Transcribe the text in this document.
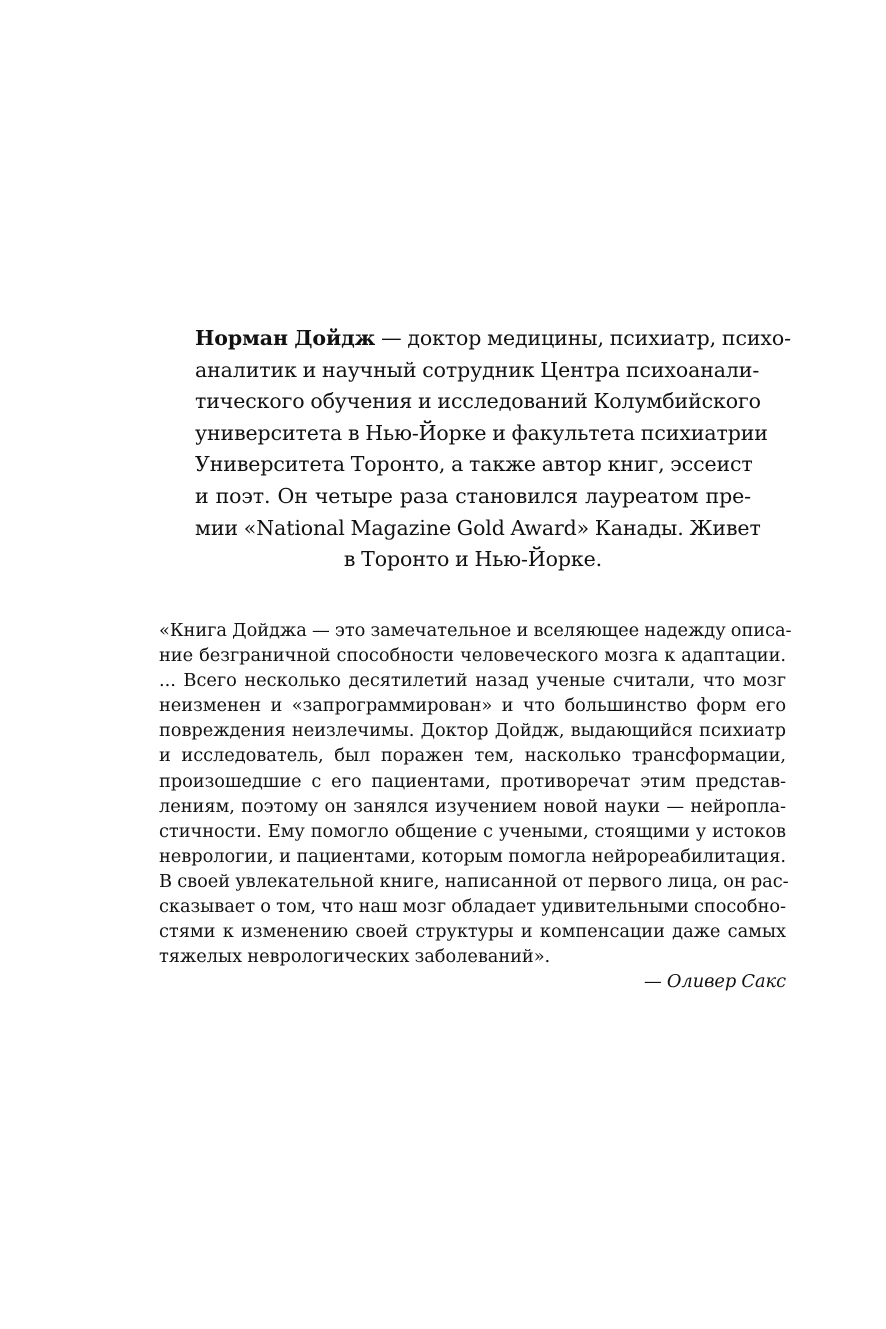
Норман Дойдж — доктор медицины, психиатр, психо-
аналитик и научный сотрудник Центра психоанали-
тического обучения и исследований Колумбийского
университета в Нью-Йорке и факультета психиатрии
Университета Торонто, а также автор книг, эссеист
и поэт. Он четыре раза становился лауреатом пре-
мии «National Magazine Gold Award» Канады. Живет
в Торонто и Нью-Йорке.
«Книга Дойджа — это замечательное и вселяющее надежду описа-
ние безграничной способности человеческого мозга к адаптации.
... Всего несколько десятилетий назад ученые считали, что мозг
неизменен и «запрограммирован» и что большинство форм его
повреждения неизлечимы. Доктор Дойдж, выдающийся психиатр
и исследователь, был поражен тем, насколько трансформации,
произошедшие с его пациентами, противоречат этим представ-
лениям, поэтому он занялся изучением новой науки — нейропла-
стичности. Ему помогло общение с учеными, стоящими у истоков
неврологии, и пациентами, которым помогла нейрореабилитация.
В своей увлекательной книге, написанной от первого лица, он рас-
сказывает о том, что наш мозг обладает удивительными способно-
стями к изменению своей структуры и компенсации даже самых
тяжелых неврологических заболеваний».
— Оливер Сакс
